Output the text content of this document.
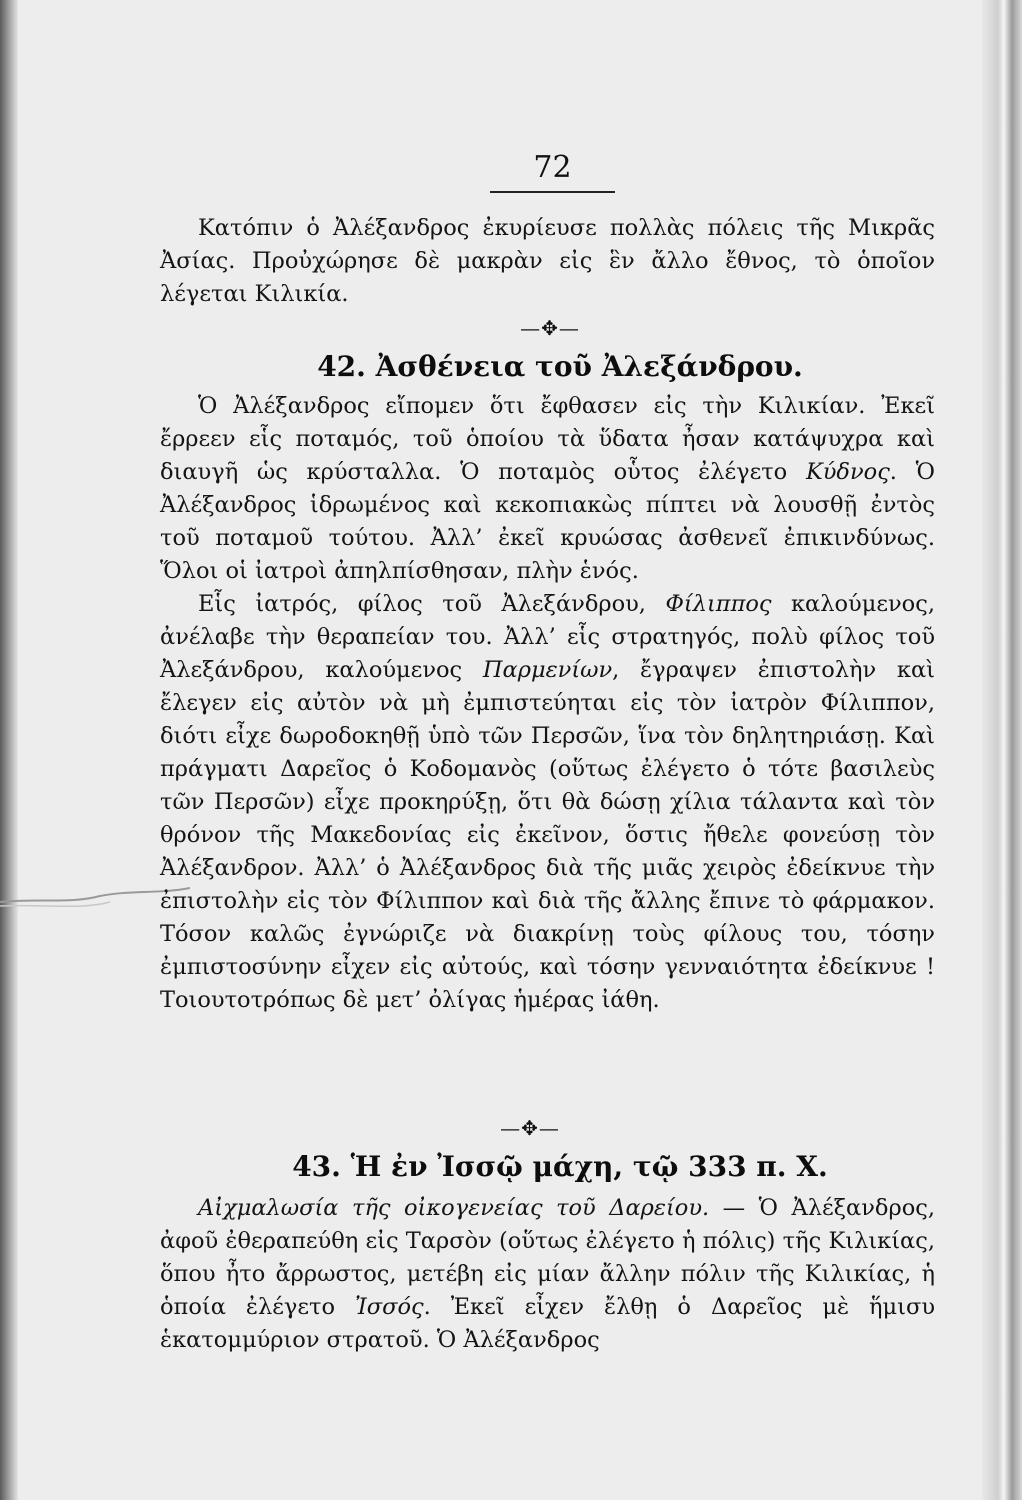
72

Κατόπιν ὁ Ἀλέξανδρος ἐκυρίευσε πολλὰς πόλεις τῆς Μικρᾶς Ἀσίας. Προὐχώρησε δὲ μακρὰν εἰς ἓν ἄλλο ἔθνος, τὸ ὁποῖον λέγεται Κιλικία.

—✥—
42. Ἀσθένεια τοῦ Ἀλεξάνδρου.

Ὁ Ἀλέξανδρος εἴπομεν ὅτι ἔφθασεν εἰς τὴν Κιλικίαν. Ἐκεῖ ἔρρεεν εἷς ποταμός, τοῦ ὁποίου τὰ ὕδατα ἦσαν κατάψυχρα καὶ διαυγῆ ὡς κρύσταλλα. Ὁ ποταμὸς οὗτος ἐλέγετο Κύδνος. Ὁ Ἀλέξανδρος ἱδρωμένος καὶ κεκοπιακὼς πίπτει νὰ λουσθῇ ἐντὸς τοῦ ποταμοῦ τούτου. Ἀλλ’ ἐκεῖ κρυώσας ἀσθενεῖ ἐπικινδύνως. Ὅλοι οἱ ἰατροὶ ἀπηλπίσθησαν, πλὴν ἑνός.

Εἷς ἰατρός, φίλος τοῦ Ἀλεξάνδρου, Φίλιππος καλούμενος, ἀνέλαβε τὴν θεραπείαν του. Ἀλλ’ εἷς στρατηγός, πολὺ φίλος τοῦ Ἀλεξάνδρου, καλούμενος Παρμενίων, ἔγραψεν ἐπιστολὴν καὶ ἔλεγεν εἰς αὐτὸν νὰ μὴ ἐμπιστεύηται εἰς τὸν ἰατρὸν Φίλιππον, διότι εἶχε δωροδοκηθῇ ὑπὸ τῶν Περσῶν, ἵνα τὸν δηλητηριάσῃ. Καὶ πράγματι Δαρεῖος ὁ Κοδομανὸς (οὕτως ἐλέγετο ὁ τότε βασιλεὺς τῶν Περσῶν) εἶχε προκηρύξῃ, ὅτι θὰ δώσῃ χίλια τάλαντα καὶ τὸν θρόνον τῆς Μακεδονίας εἰς ἐκεῖνον, ὅστις ἤθελε φονεύσῃ τὸν Ἀλέξανδρον. Ἀλλ’ ὁ Ἀλέξανδρος διὰ τῆς μιᾶς χειρὸς ἐδείκνυε τὴν ἐπιστολὴν εἰς τὸν Φίλιππον καὶ διὰ τῆς ἄλλης ἔπινε τὸ φάρμακον. Τόσον καλῶς ἐγνώριζε νὰ διακρίνῃ τοὺς φίλους του, τόσην ἐμπιστοσύνην εἶχεν εἰς αὐτούς, καὶ τόσην γενναιότητα ἐδείκνυε ! Τοιουτοτρόπως δὲ μετ’ ὀλίγας ἡμέρας ἰάθη.

—✥—
43. Ἡ ἐν Ἰσσῷ μάχη, τῷ 333 π. Χ.

Αἰχμαλωσία τῆς οἰκογενείας τοῦ Δαρείου. — Ὁ Ἀλέξανδρος, ἀφοῦ ἐθεραπεύθη εἰς Ταρσὸν (οὕτως ἐλέγετο ἡ πόλις) τῆς Κιλικίας, ὅπου ἦτο ἄρρωστος, μετέβη εἰς μίαν ἄλλην πόλιν τῆς Κιλικίας, ἡ ὁποία ἐλέγετο Ἰσσός. Ἐκεῖ εἶχεν ἔλθῃ ὁ Δαρεῖος μὲ ἥμισυ ἑκατομμύριον στρατοῦ. Ὁ Ἀλέξανδρος
